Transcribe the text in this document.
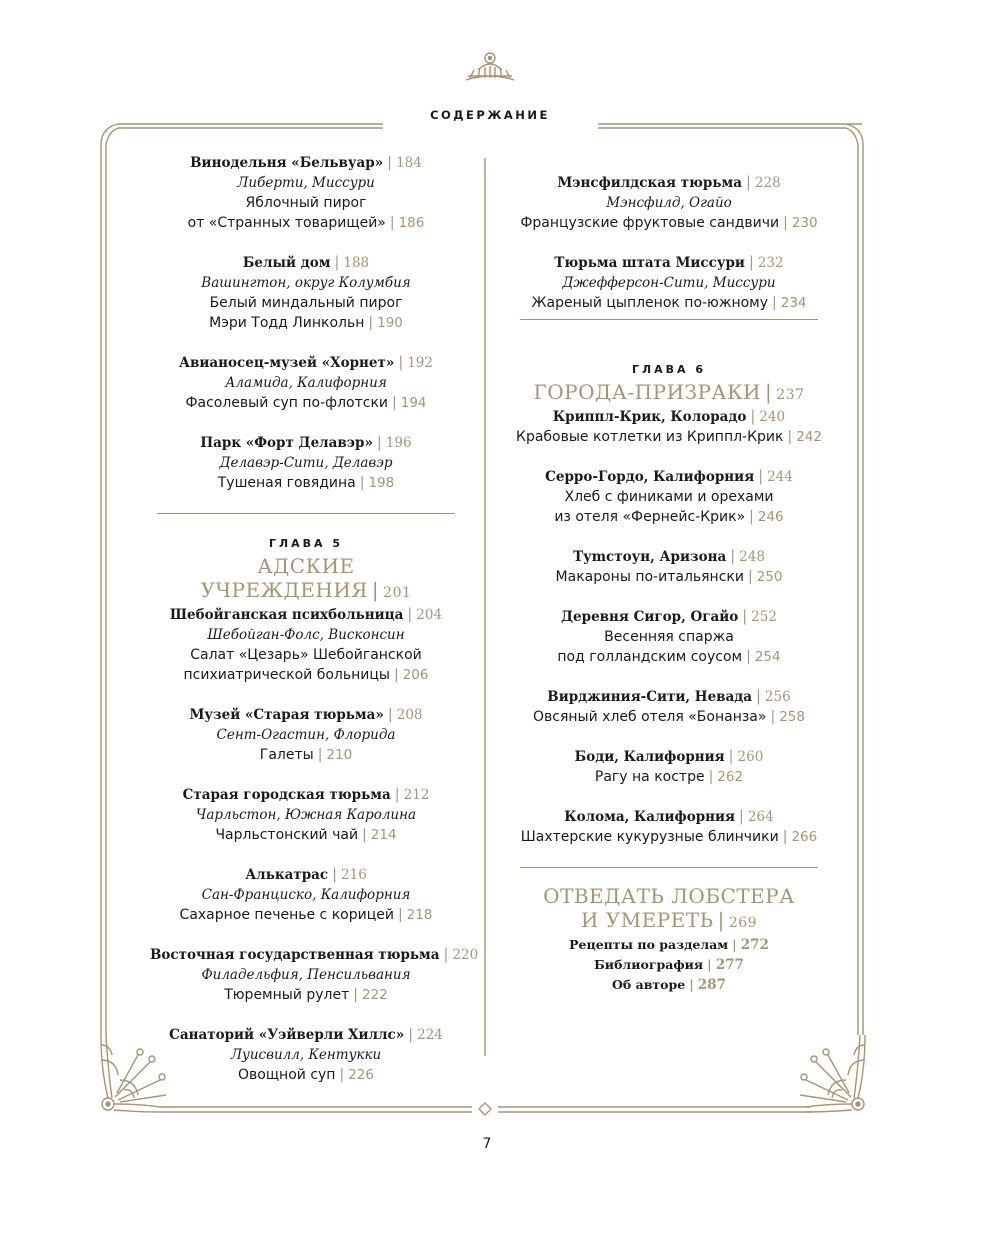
СОДЕРЖАНИЕ
Винодельня «Бельвуар» | 184
Либерти, Миссури
Яблочный пирог
от «Странных товарищей» | 186
Белый дом | 188
Вашингтон, округ Колумбия
Белый миндальный пирог
Мэри Тодд Линкольн | 190
Авианосец-музей «Хорнет» | 192
Аламида, Калифорния
Фасолевый суп по-флотски | 194
Парк «Форт Делавэр» | 196
Делавэр-Сити, Делавэр
Тушеная говядина | 198
ГЛАВА 5
АДСКИЕ УЧРЕЖДЕНИЯ | 201
Шебойганская психбольница | 204
Шебойган-Фолс, Висконсин
Салат «Цезарь» Шебойганской
психиатрической больницы | 206
Музей «Старая тюрьма» | 208
Сент-Огастин, Флорида
Галеты | 210
Старая городская тюрьма | 212
Чарльстон, Южная Каролина
Чарльстонский чай | 214
Алькатрас | 216
Сан-Франциско, Калифорния
Сахарное печенье с корицей | 218
Восточная государственная тюрьма | 220
Филадельфия, Пенсильвания
Тюремный рулет | 222
Санаторий «Уэйверли Хиллс» | 224
Луисвилл, Кентукки
Овощной суп | 226
Мэнсфилдская тюрьма | 228
Мэнсфилд, Огайо
Французские фруктовые сандвичи | 230
Тюрьма штата Миссури | 232
Джефферсон-Сити, Миссури
Жареный цыпленок по-южному | 234
ГЛАВА 6
ГОРОДА-ПРИЗРАКИ | 237
Криппл-Крик, Колорадо | 240
Крабовые котлетки из Криппл-Крик | 242
Серро-Гордо, Калифорния | 244
Хлеб с финиками и орехами
из отеля «Фернейс-Крик» | 246
Туmстоун, Аризона | 248
Макароны по-итальянски | 250
Деревня Сигор, Огайо | 252
Весенняя спаржа
под голландским соусом | 254
Вирджиния-Сити, Невада | 256
Овсяный хлеб отеля «Бонанза» | 258
Боди, Калифорния | 260
Рагу на костре | 262
Колома, Калифорния | 264
Шахтерские кукурузные блинчики | 266
ОТВЕДАТЬ ЛОБСТЕРА
И УМЕРЕТЬ | 269
Рецепты по разделам | 272
Библиография | 277
Об авторе | 287
7
